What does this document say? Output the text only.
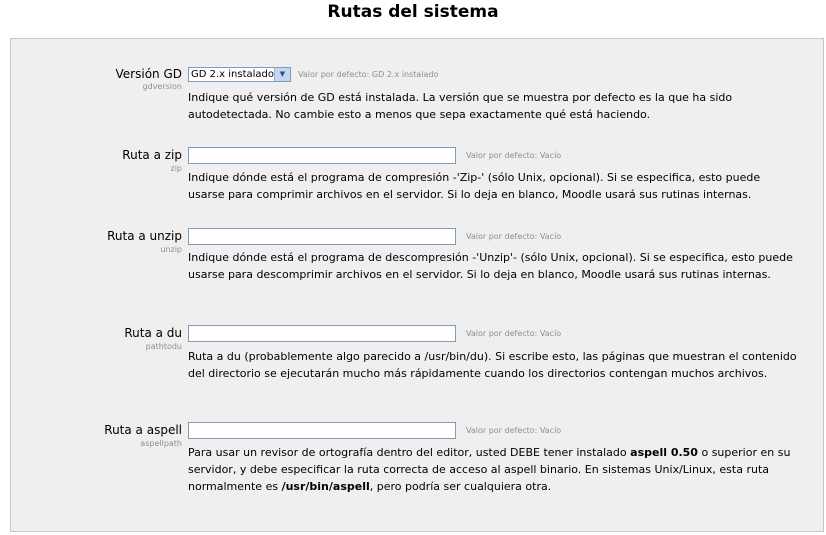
Rutas del sistema
Versión GD
gdversion
GD 2.x instalado ▼	Valor por defecto: GD 2.x instalado
Indique qué versión de GD está instalada. La versión que se muestra por defecto es la que ha sido autodetectada. No cambie esto a menos que sepa exactamente qué está haciendo.
Ruta a zip
zip
Valor por defecto: Vacío
Indique dónde está el programa de compresión -'Zip-' (sólo Unix, opcional). Si se especifica, esto puede usarse para comprimir archivos en el servidor. Si lo deja en blanco, Moodle usará sus rutinas internas.
Ruta a unzip
unzip
Valor por defecto: Vacío
Indique dónde está el programa de descompresión -'Unzip'- (sólo Unix, opcional). Si se especifica, esto puede usarse para descomprimir archivos en el servidor. Si lo deja en blanco, Moodle usará sus rutinas internas.
Ruta a du
pathtodu
Valor por defecto: Vacío
Ruta a du (probablemente algo parecido a /usr/bin/du). Si escribe esto, las páginas que muestran el contenido del directorio se ejecutarán mucho más rápidamente cuando los directorios contengan muchos archivos.
Ruta a aspell
aspellpath
Valor por defecto: Vacío
Para usar un revisor de ortografía dentro del editor, usted DEBE tener instalado aspell 0.50 o superior en su servidor, y debe especificar la ruta correcta de acceso al aspell binario. En sistemas Unix/Linux, esta ruta normalmente es /usr/bin/aspell, pero podría ser cualquiera otra.
